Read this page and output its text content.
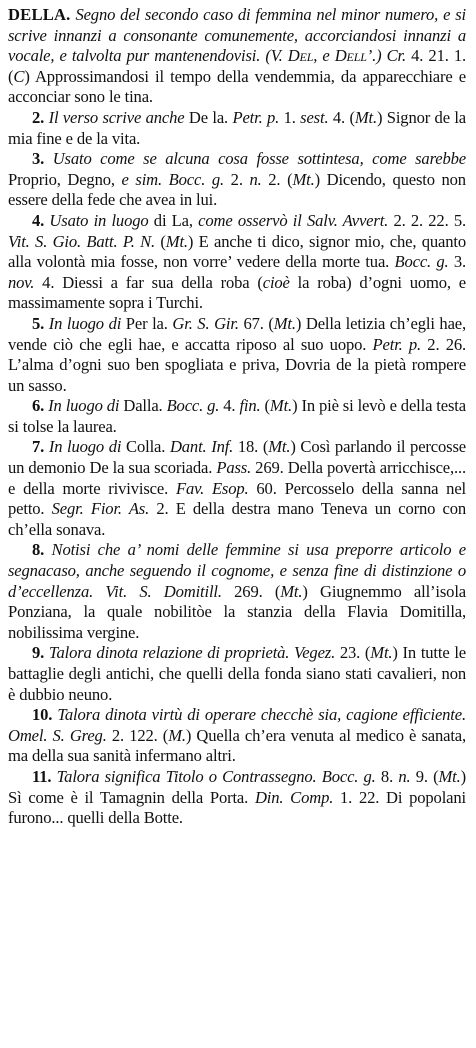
DELLA. Segno del secondo caso di femmina nel minor numero, e si scrive innanzi a consonante comunemente, accorciandosi innanzi a vocale, e talvolta pur mantenendovisi. (V. Del, e Dell’.) Cr. 4. 21. 1. (C) Approssimandosi il tempo della vendemmia, da apparecchiare e acconciar sono le tina.

2. Il verso scrive anche De la. Petr. p. 1. sest. 4. (Mt.) Signor de la mia fine e de la vita.

3. Usato come se alcuna cosa fosse sottintesa, come sarebbe Proprio, Degno, e sim. Bocc. g. 2. n. 2. (Mt.) Dicendo, questo non essere della fede che avea in lui.

4. Usato in luogo di La, come osservò il Salv. Avvert. 2. 2. 22. 5. Vit. S. Gio. Batt. P. N. (Mt.) E anche ti dico, signor mio, che, quanto alla volontà mia fosse, non vorre’ vedere della morte tua. Bocc. g. 3. nov. 4. Diessi a far sua della roba (cioè la roba) d’ogni uomo, e massimamente sopra i Turchi.

5. In luogo di Per la. Gr. S. Gir. 67. (Mt.) Della letizia ch’egli hae, vende ciò che egli hae, e accatta riposo al suo uopo. Petr. p. 2. 26. L’alma d’ogni suo ben spogliata e priva, Dovria de la pietà rompere un sasso.

6. In luogo di Dalla. Bocc. g. 4. fin. (Mt.) In piè si levò e della testa si tolse la laurea.

7. In luogo di Colla. Dant. Inf. 18. (Mt.) Così parlando il percosse un demonio De la sua scoriada. Pass. 269. Della povertà arricchisce,... e della morte rivivisce. Fav. Esop. 60. Percosselo della sanna nel petto. Segr. Fior. As. 2. E della destra mano Teneva un corno con ch’ella sonava.

8. Notisi che a’ nomi delle femmine si usa preporre articolo e segnacaso, anche seguendo il cognome, e senza fine di distinzione o d’eccellenza. Vit. S. Domitill. 269. (Mt.) Giugnemmo all’isola Ponziana, la quale nobilitòe la stanzia della Flavia Domitilla, nobilissima vergine.

9. Talora dinota relazione di proprietà. Vegez. 23. (Mt.) In tutte le battaglie degli antichi, che quelli della fonda siano stati cavalieri, non è dubbio neuno.

10. Talora dinota virtù di operare checchè sia, cagione efficiente. Omel. S. Greg. 2. 122. (M.) Quella ch’era venuta al medico è sanata, ma della sua sanità infermano altri.

11. Talora significa Titolo o Contrassegno. Bocc. g. 8. n. 9. (Mt.) Sì come è il Tamagnin della Porta. Din. Comp. 1. 22. Di popolani furono... quelli della Botte.
